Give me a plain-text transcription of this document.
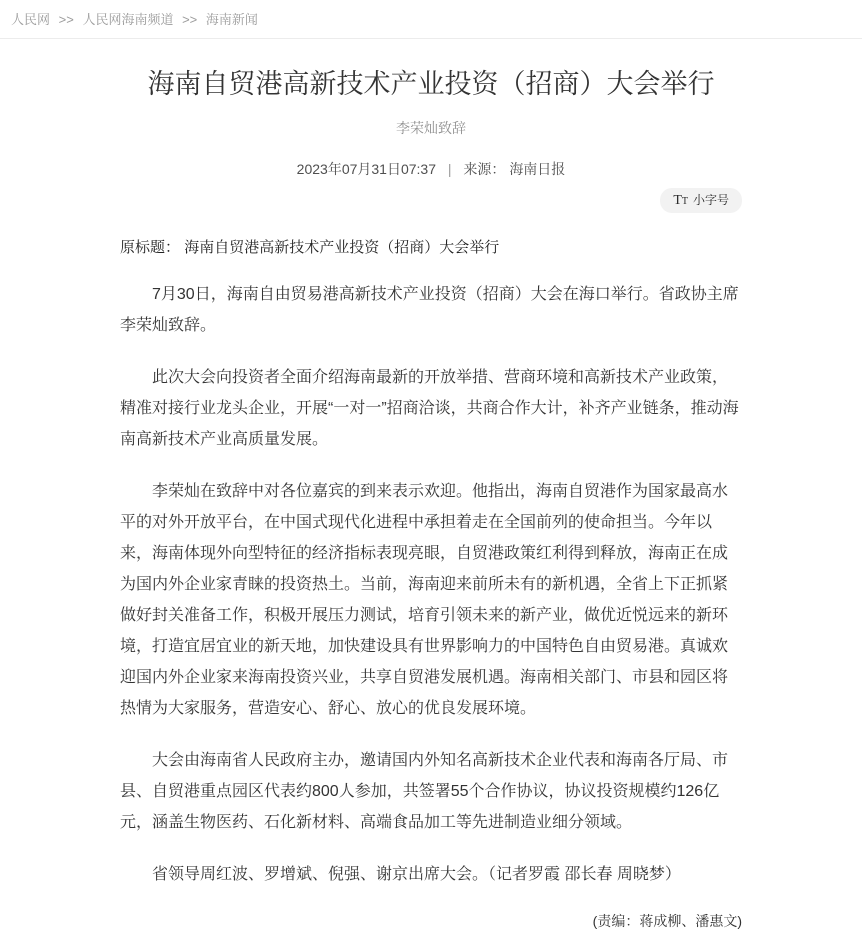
人民网 >> 人民网海南频道 >> 海南新闻
海南自贸港高新技术产业投资（招商）大会举行
李荣灿致辞
2023年07月31日07:37 | 来源： 海南日报
T T 小字号
原标题： 海南自贸港高新技术产业投资（招商）大会举行

7月30日，海南自由贸易港高新技术产业投资（招商）大会在海口举行。省政协主席李荣灿致辞。

此次大会向投资者全面介绍海南最新的开放举措、营商环境和高新技术产业政策，精准对接行业龙头企业，开展“一对一”招商洽谈，共商合作大计，补齐产业链条，推动海南高新技术产业高质量发展。

李荣灿在致辞中对各位嘉宾的到来表示欢迎。他指出，海南自贸港作为国家最高水平的对外开放平台，在中国式现代化进程中承担着走在全国前列的使命担当。今年以来，海南体现外向型特征的经济指标表现亮眼，自贸港政策红利得到释放，海南正在成为国内外企业家青睐的投资热土。当前，海南迎来前所未有的新机遇，全省上下正抓紧做好封关准备工作，积极开展压力测试，培育引领未来的新产业，做优近悦远来的新环境，打造宜居宜业的新天地，加快建设具有世界影响力的中国特色自由贸易港。真诚欢迎国内外企业家来海南投资兴业，共享自贸港发展机遇。海南相关部门、市县和园区将热情为大家服务，营造安心、舒心、放心的优良发展环境。

大会由海南省人民政府主办，邀请国内外知名高新技术企业代表和海南各厅局、市县、自贸港重点园区代表约800人参加，共签署55个合作协议，协议投资规模约126亿元，涵盖生物医药、石化新材料、高端食品加工等先进制造业细分领域。

省领导周红波、罗增斌、倪强、谢京出席大会。（记者罗霞 邵长春 周晓梦）

(责编：蒋成柳、潘惠文)
